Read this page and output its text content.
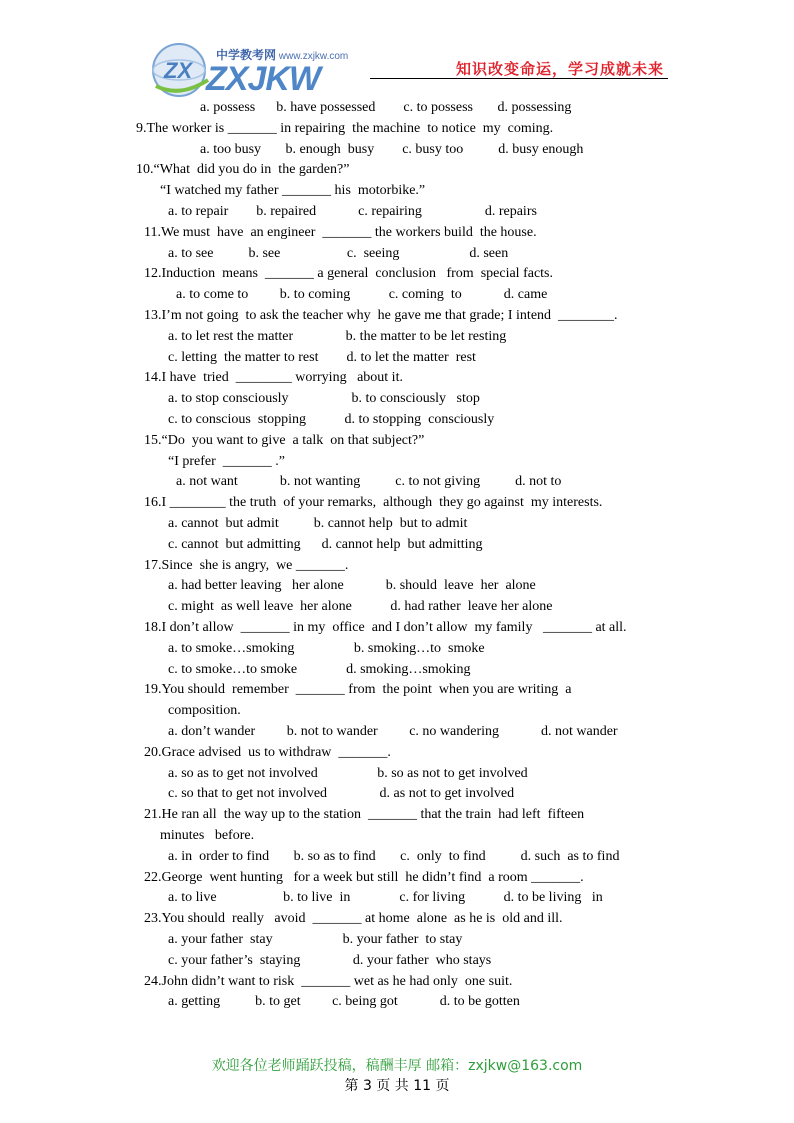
ZX
中学教考网 www.zxjkw.com
ZXJKW	知识改变命运，学习成就未来
a. possess      b. have possessed        c. to possess       d. possessing
9.The worker is _______ in repairing  the machine  to notice  my  coming.
a. too busy       b. enough  busy        c. busy too          d. busy enough
10.“What  did you do in  the garden?”
“I watched my father _______ his  motorbike.”
a. to repair        b. repaired            c. repairing                  d. repairs
11.We must  have  an engineer  _______ the workers build  the house.
a. to see          b. see                   c.  seeing                    d. seen
12.Induction  means  _______ a general  conclusion   from  special facts.
a. to come to         b. to coming           c. coming  to            d. came
13.I’m not going  to ask the teacher why  he gave me that grade; I intend  ________.
a. to let rest the matter               b. the matter to be let resting
c. letting  the matter to rest        d. to let the matter  rest
14.I have  tried  ________ worrying   about it.
a. to stop consciously                  b. to consciously   stop
c. to conscious  stopping           d. to stopping  consciously
15.“Do  you want to give  a talk  on that subject?”
“I prefer  _______ .”
a. not want            b. not wanting          c. to not giving          d. not to
16.I ________ the truth  of your remarks,  although  they go against  my interests.
a. cannot  but admit          b. cannot help  but to admit
c. cannot  but admitting      d. cannot help  but admitting
17.Since  she is angry,  we _______.
a. had better leaving   her alone            b. should  leave  her  alone
c. might  as well leave  her alone           d. had rather  leave her alone
18.I don’t allow  _______ in my  office  and I don’t allow  my family   _______ at all.
a. to smoke…smoking                 b. smoking…to  smoke
c. to smoke…to smoke              d. smoking…smoking
19.You should  remember  _______ from  the point  when you are writing  a
composition.
a. don’t wander         b. not to wander         c. no wandering            d. not wander
20.Grace advised  us to withdraw  _______.
a. so as to get not involved                 b. so as not to get involved
c. so that to get not involved               d. as not to get involved
21.He ran all  the way up to the station  _______ that the train  had left  fifteen
minutes   before.
a. in  order to find       b. so as to find       c.  only  to find          d. such  as to find
22.George  went hunting   for a week but still  he didn’t find  a room _______.
a. to live                   b. to live  in              c. for living           d. to be living   in
23.You should  really   avoid  _______ at home  alone  as he is  old and ill.
a. your father  stay                    b. your father  to stay
c. your father’s  staying               d. your father  who stays
24.John didn’t want to risk  _______ wet as he had only  one suit.
a. getting          b. to get         c. being got            d. to be gotten
欢迎各位老师踊跃投稿，稿酬丰厚 邮箱：zxjkw@163.com
第 3 页 共 11 页
